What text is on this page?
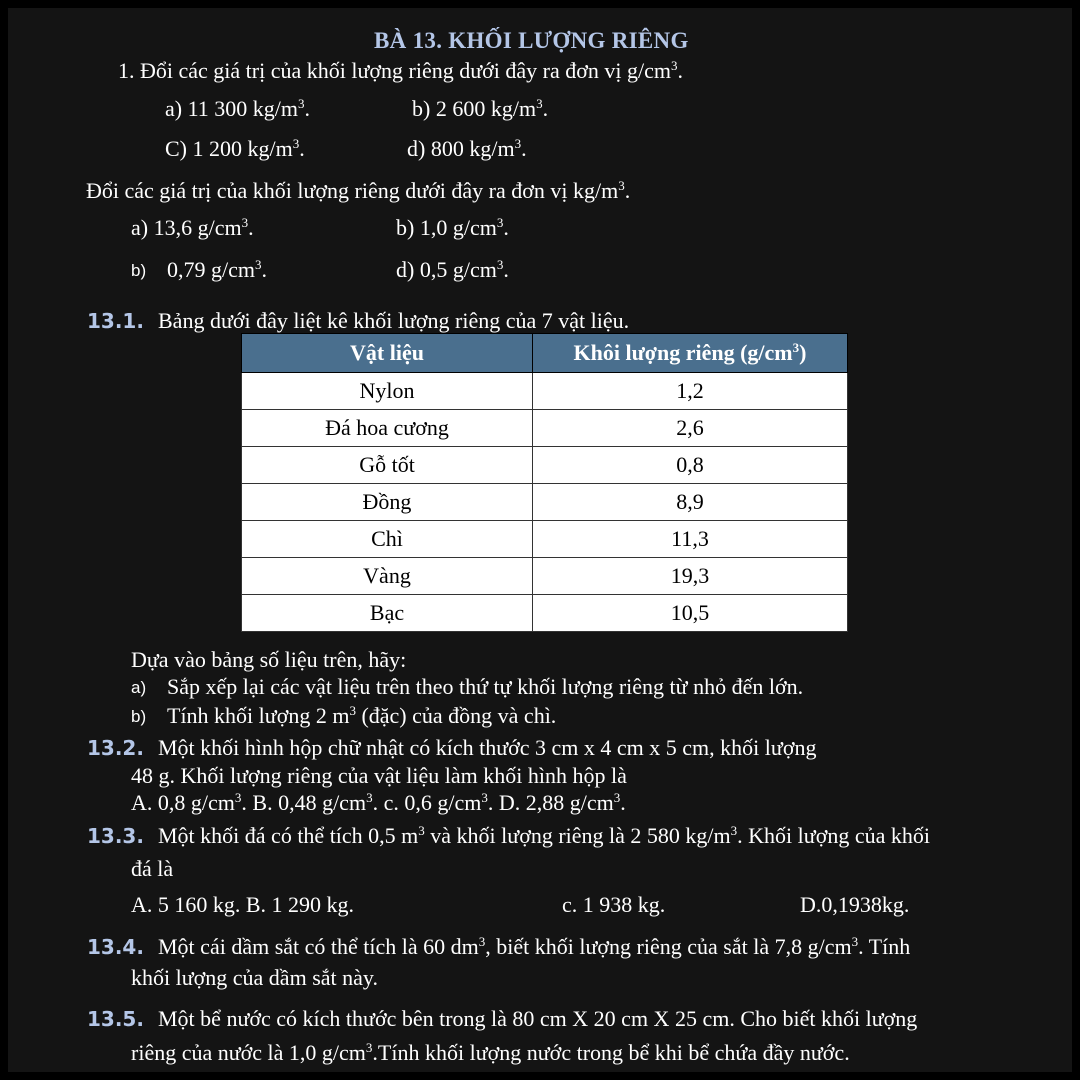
BÀ 13. KHỐI LƯỢNG RIÊNG
1. Đổi các giá trị của khối lượng riêng dưới đây ra đơn vị $g/cm^3$.
a) 11 300 $kg/m^3$.	b) 2 600 $kg/m^3$.
C) 1 200 $kg/m^3$.	d) 800 $kg/m^3$.
Đổi các giá trị của khối lượng riêng dưới đây ra đơn vị $kg/m^3$.
a) 13,6 $g/cm^3$.	b) 1,0 $g/cm^3$.
b) 0,79 $g/cm^3$.	d) 0,5 $g/cm^3$.
13.1. Bảng dưới đây liệt kê khối lượng riêng của 7 vật liệu.
Vật liệu	Khôi lượng riêng $(g/cm^3)$
Nylon	1,2
Đá hoa cương	2,6
Gỗ tốt	0,8
Đồng	8,9
Chì	11,3
Vàng	19,3
Bạc	10,5
Dựa vào bảng số liệu trên, hãy:
a) Sắp xếp lại các vật liệu trên theo thứ tự khối lượng riêng từ nhỏ đến lớn.
b) Tính khối lượng 2 $m^3$ (đặc) của đồng và chì.
13.2. Một khối hình hộp chữ nhật có kích thước 3 cm x 4 cm x 5 cm, khối lượng
48 g. Khối lượng riêng của vật liệu làm khối hình hộp là
A. 0,8 $g/cm^3$. B. 0,48 $g/cm^3$. c. 0,6 $g/cm^3$. D. 2,88 $g/cm^3$.
13.3. Một khối đá có thể tích 0,5 $m^3$ và khối lượng riêng là 2 580 $kg/m^3$. Khối lượng của khối
đá là
A. 5 160 kg. B. 1 290 kg.	c. 1 938 kg.	D.0,1938kg.
13.4. Một cái dầm sắt có thể tích là 60 $dm^3$, biết khối lượng riêng của sắt là 7,8 $g/cm^3$. Tính
khối lượng của dầm sắt này.
13.5. Một bể nước có kích thước bên trong là 80 cm X 20 cm X 25 cm. Cho biết khối lượng
riêng của nước là 1,0 $g/cm^3.Tính$ khối lượng nước trong bể khi bể chứa đầy nước.
